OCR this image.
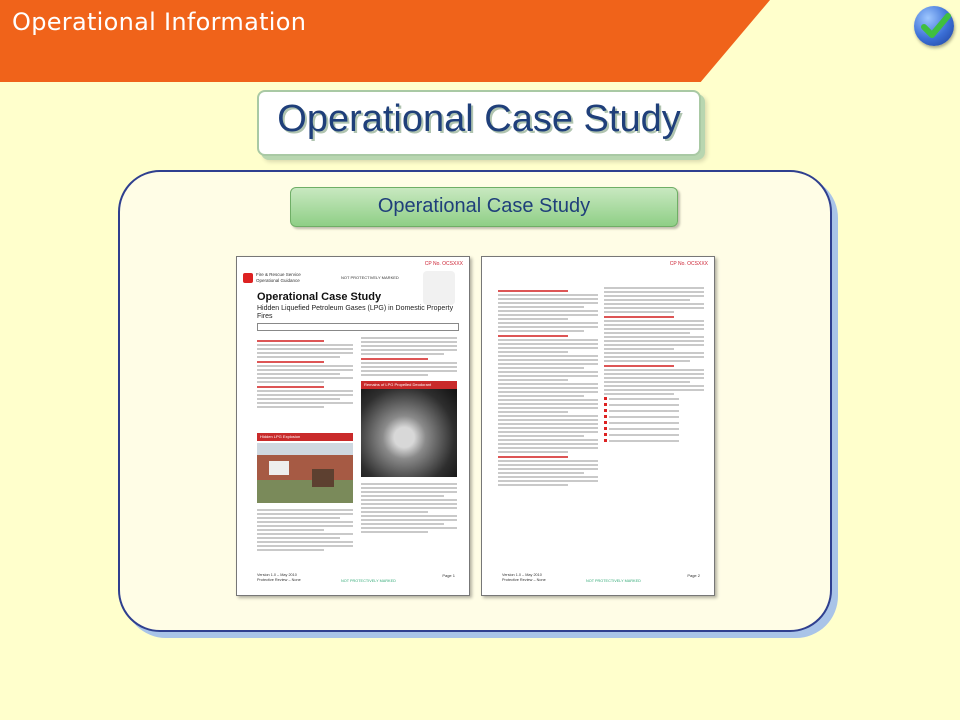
Operational Information
Operational Case Study
Operational Case Study
CP No. OCSXXX
Fire & Rescue Service
Operational Guidance
NOT PROTECTIVELY MARKED
Operational Case Study
Hidden Liquefied Petroleum Gases (LPG) in Domestic Property Fires
Hidden LPG Explosion
Remains of LPG Propelled Deodorant
Version 1.0 – May 2010
Protective Review – None	NOT PROTECTIVELY MARKED
Page 1
CP No. OCSXXX
Version 1.0 – May 2010
Protective Review – None	NOT PROTECTIVELY MARKED
Page 2
